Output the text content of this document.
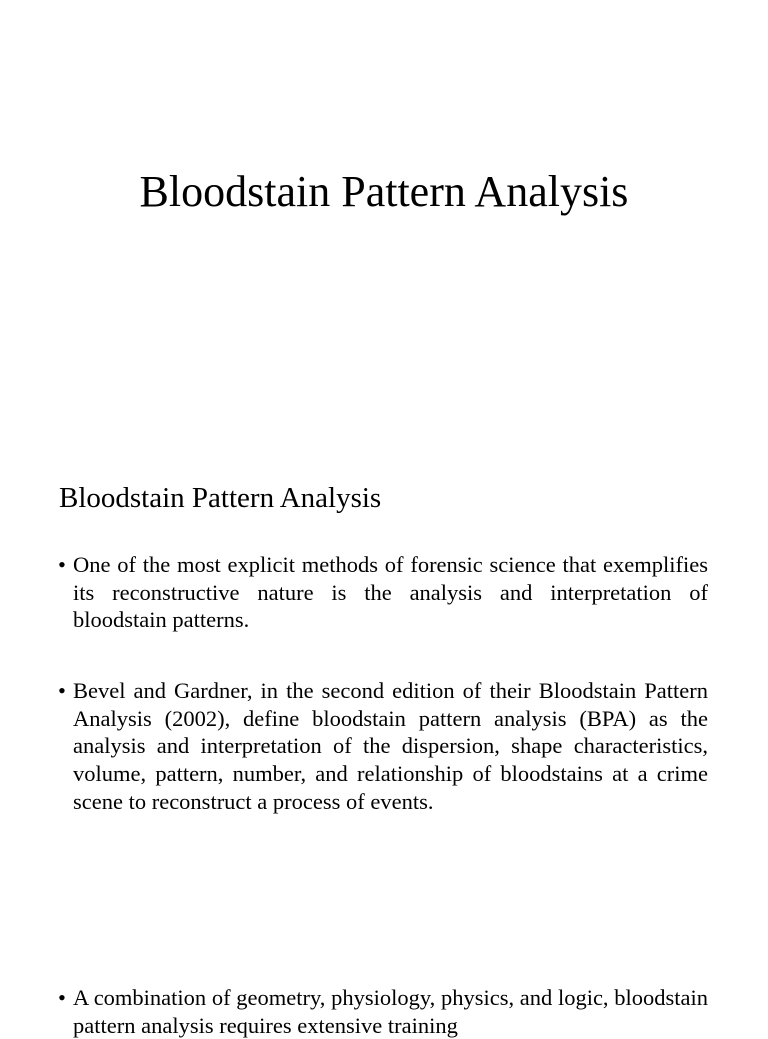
Bloodstain Pattern Analysis
Bloodstain Pattern Analysis

• One of the most explicit methods of forensic science that exemplifies its reconstructive nature is the analysis and interpretation of bloodstain patterns.

• Bevel and Gardner, in the second edition of their Bloodstain Pattern Analysis (2002), define bloodstain pattern analysis (BPA) as the analysis and interpretation of the dispersion, shape characteristics, volume, pattern, number, and relationship of bloodstains at a crime scene to reconstruct a process of events.

• A combination of geometry, physiology, physics, and logic, bloodstain pattern analysis requires extensive training
